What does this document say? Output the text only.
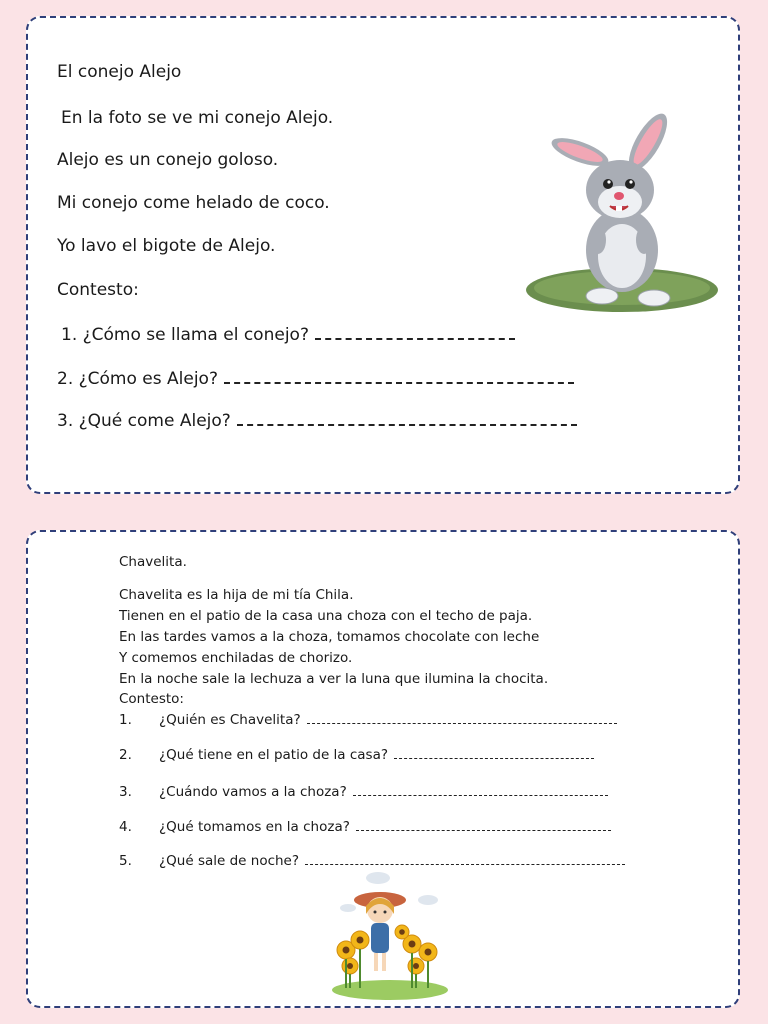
El conejo Alejo
En la foto se ve mi conejo Alejo.
Alejo es un conejo goloso.
Mi conejo come helado de coco.
Yo lavo el bigote de Alejo.
Contesto:
1. ¿Cómo se llama el conejo?
2. ¿Cómo es Alejo?
3. ¿Qué come Alejo?
Chavelita.
Chavelita es la hija de mi tía Chila.
Tienen en el patio de la casa una choza con el techo de paja.
En las tardes vamos a la choza, tomamos chocolate con leche
Y comemos enchiladas de chorizo.
En la noche sale la lechuza a ver la luna que ilumina la chocita.
Contesto:
1. ¿Quién es Chavelita?
2. ¿Qué tiene en el patio de la casa?
3. ¿Cuándo vamos a la choza?
4. ¿Qué tomamos en la choza?
5. ¿Qué sale de noche?
